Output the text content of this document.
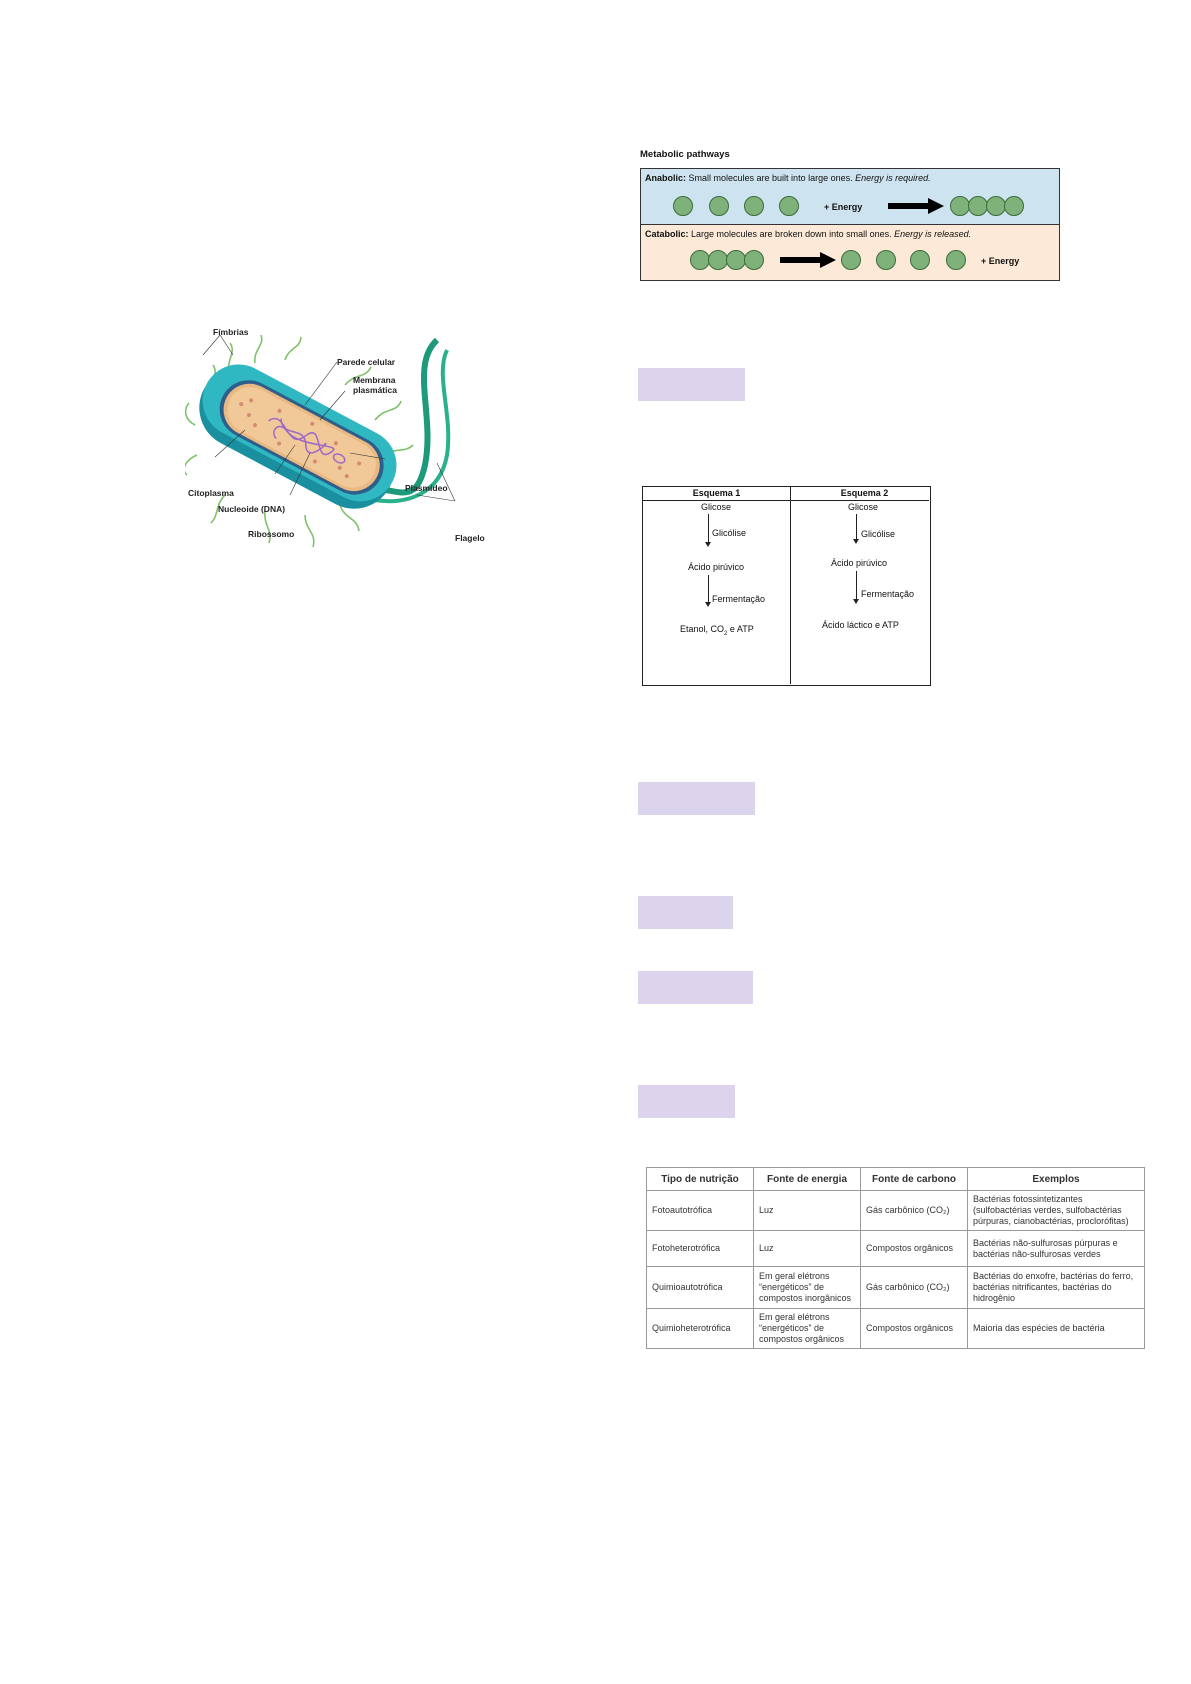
Fímbrias
Parede celular
Membrana
plasmática
Citoplasma
Nucleoide (DNA)
Ribossomo
Plasmídeo
Flagelo
Metabolic pathways
Anabolic: Small molecules are built into large ones. Energy is required.
+ Energy
Catabolic: Large molecules are broken down into small ones. Energy is released.
+ Energy
Esquema 1	Esquema 2
Glicose
Glicólise
Ácido pirúvico
Fermentação
Etanol, $CO_2$ e ATP
Glicose
Glicólise
Ácido pirúvico
Fermentação
Ácido láctico e ATP
Tipo de nutrição	Fonte de energia	Fonte de carbono	Exemplos
Fotoautotrófica	Luz	Gás carbônico (CO₂)	Bactérias fotossintetizantes (sulfobactérias verdes, sulfobactérias púrpuras, cianobactérias, proclorófitas)
Fotoheterotrófica	Luz	Compostos orgânicos	Bactérias não-sulfurosas púrpuras e bactérias não-sulfurosas verdes
Quimioautotrófica	Em geral elétrons “energéticos” de compostos inorgânicos	Gás carbônico (CO₂)	Bactérias do enxofre, bactérias do ferro, bactérias nitrificantes, bactérias do hidrogênio
Quimioheterotrófica	Em geral elétrons “energéticos” de compostos orgânicos	Compostos orgânicos	Maioria das espécies de bactéria
